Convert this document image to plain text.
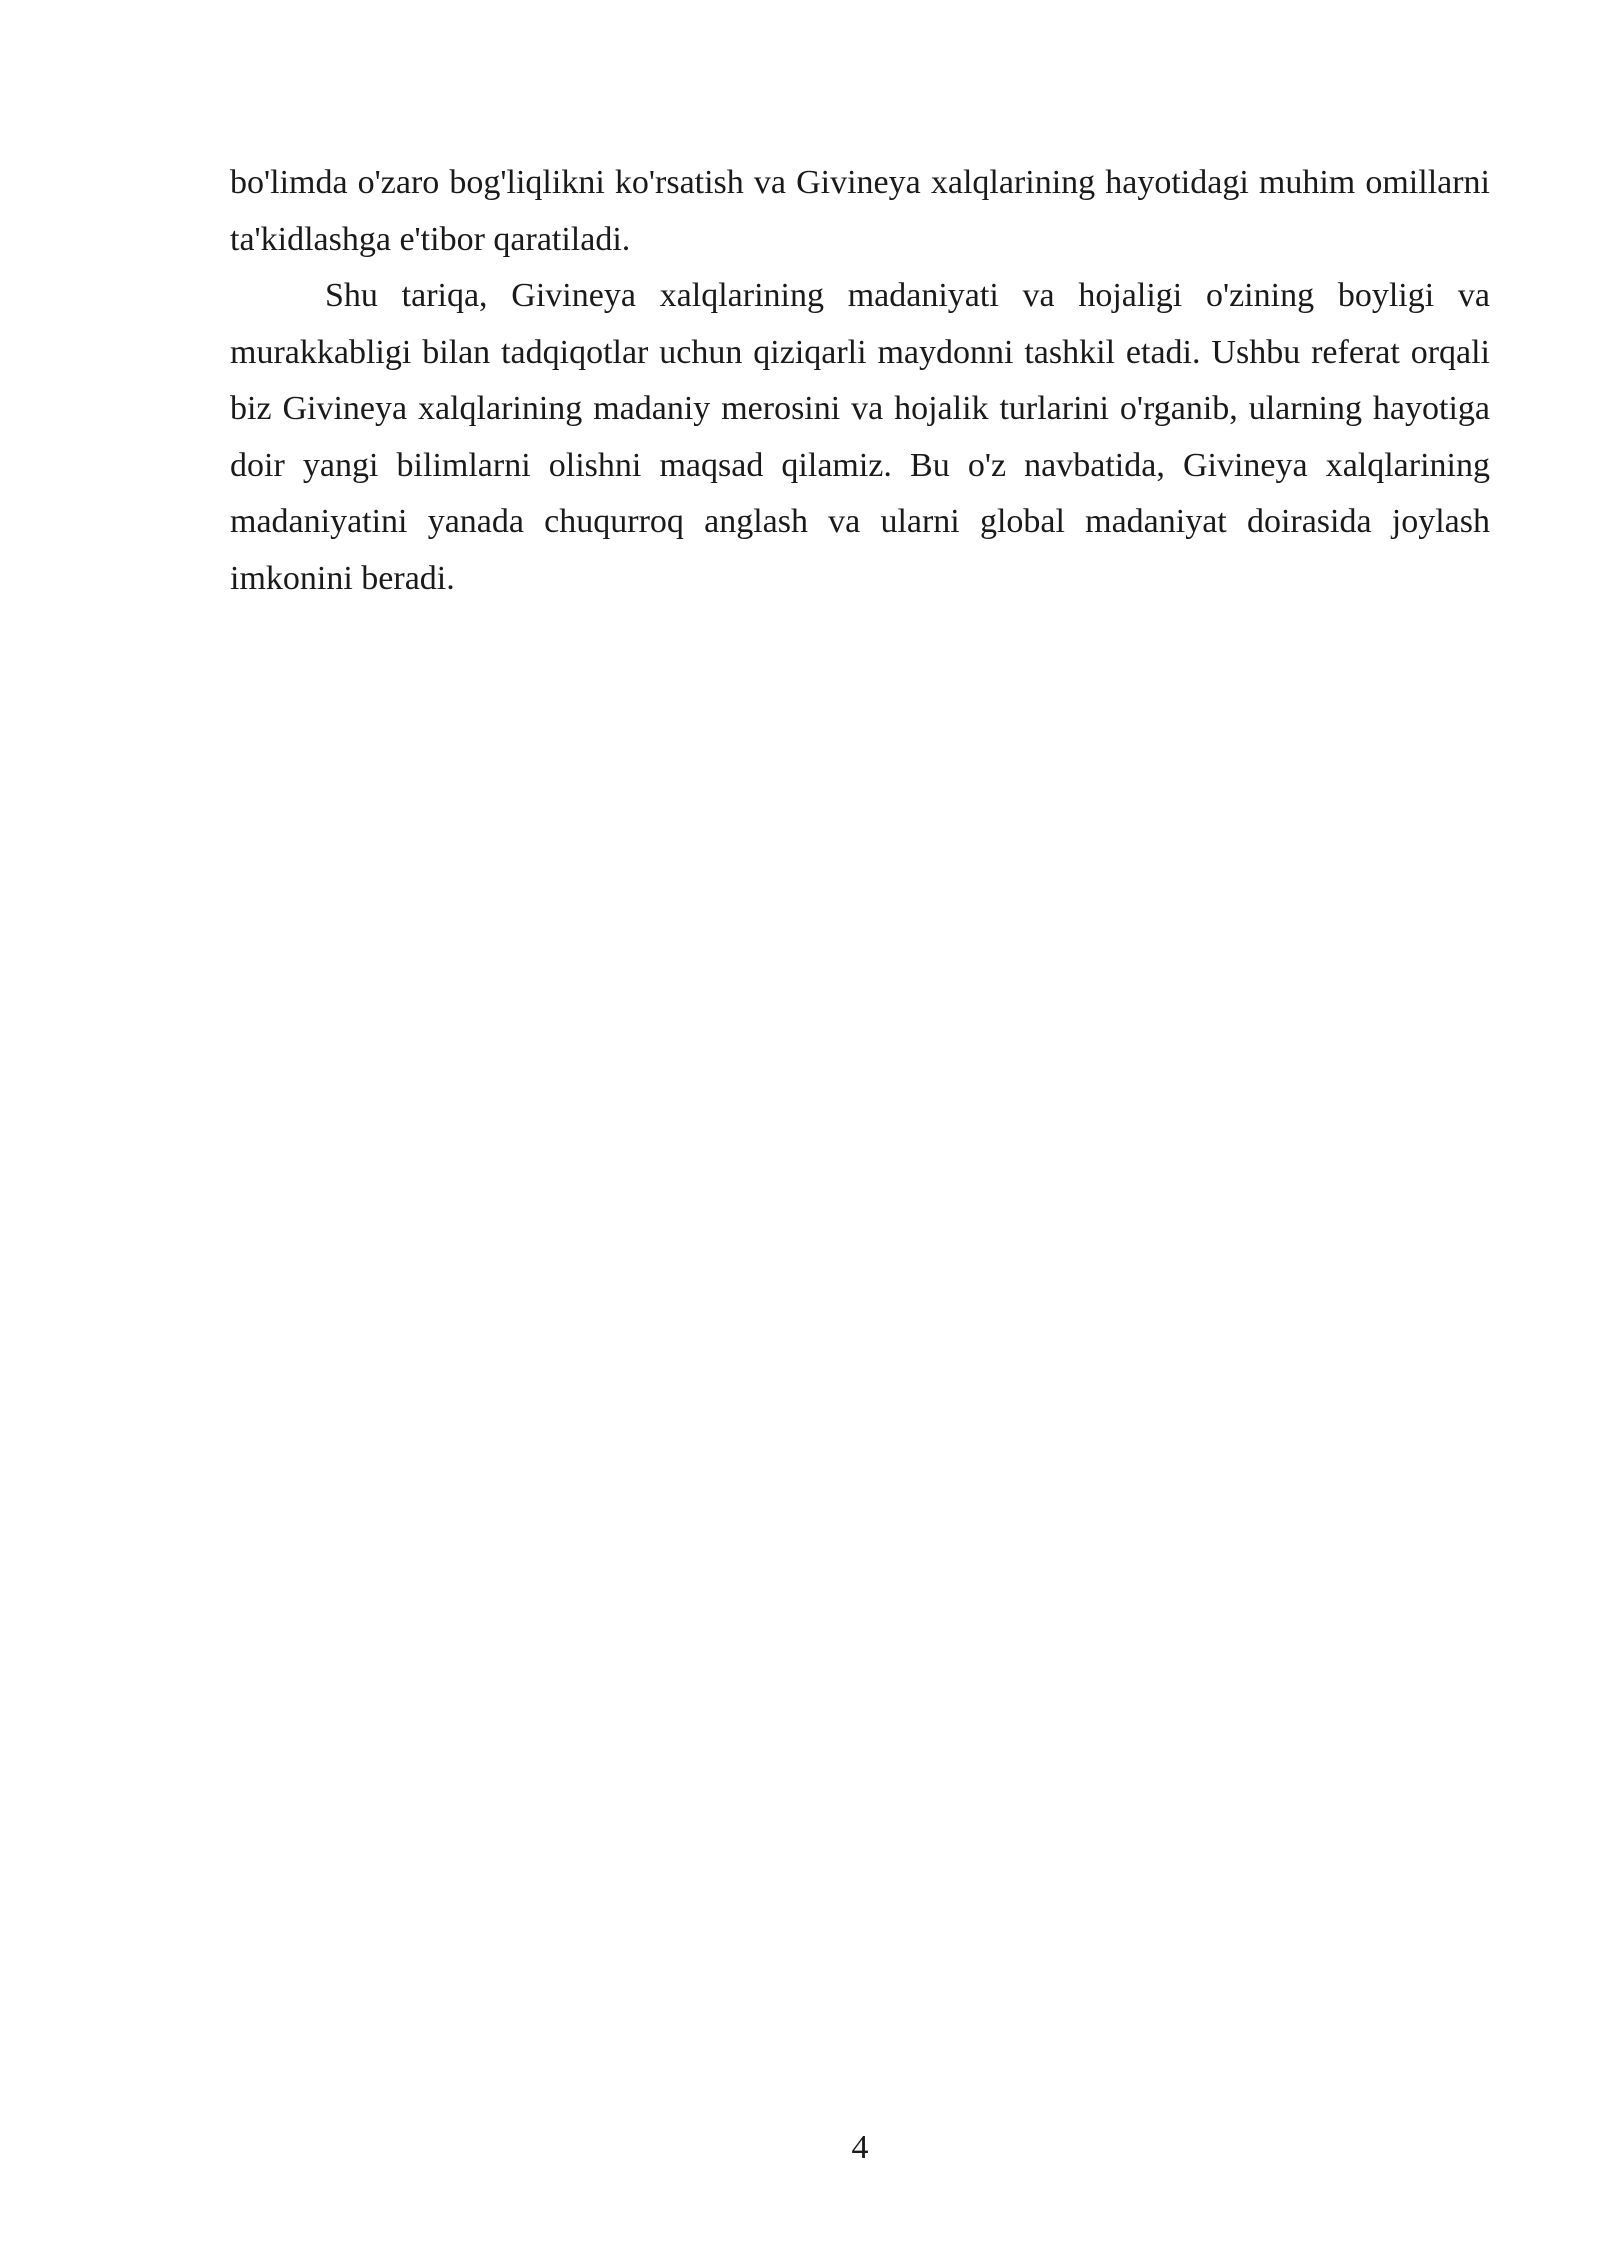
bo'limda o'zaro bog'liqlikni ko'rsatish va Givineya xalqlarining hayotidagi muhim omillarni ta'kidlashga e'tibor qaratiladi.

Shu tariqa, Givineya xalqlarining madaniyati va hojaligi o'zining boyligi va murakkabligi bilan tadqiqotlar uchun qiziqarli maydonni tashkil etadi. Ushbu referat orqali biz Givineya xalqlarining madaniy merosini va hojalik turlarini o'rganib, ularning hayotiga doir yangi bilimlarni olishni maqsad qilamiz. Bu o'z navbatida, Givineya xalqlarining madaniyatini yanada chuqurroq anglash va ularni global madaniyat doirasida joylash imkonini beradi.

4
